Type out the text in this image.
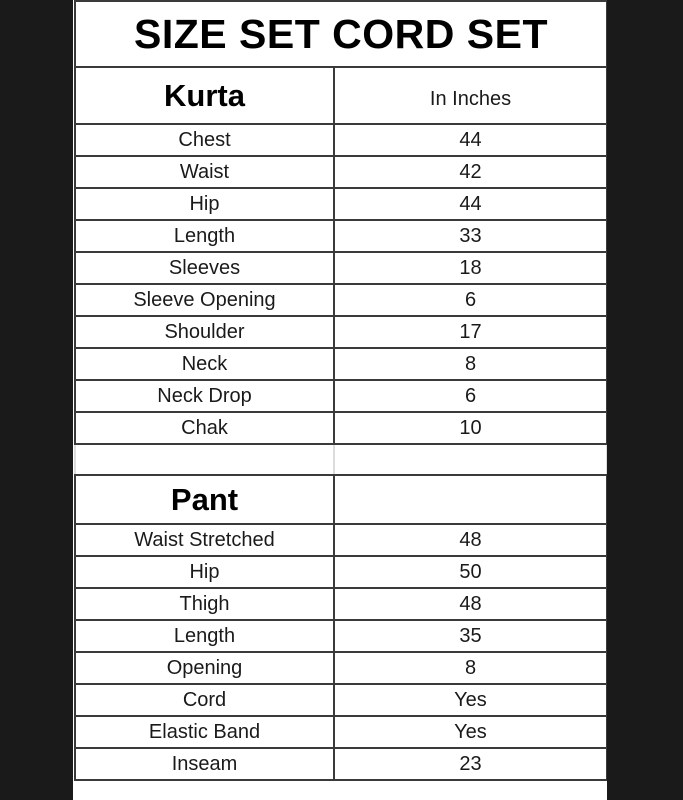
SIZE SET CORD SET	
Kurta	In Inches
Chest	44
Waist	42
Hip	44
Length	33
Sleeves	18
Sleeve Opening	6
Shoulder	17
Neck	8
Neck Drop	6
Chak	10

Pant	
Waist Stretched	48
Hip	50
Thigh	48
Length	35
Opening	8
Cord	Yes
Elastic Band	Yes
Inseam	23
